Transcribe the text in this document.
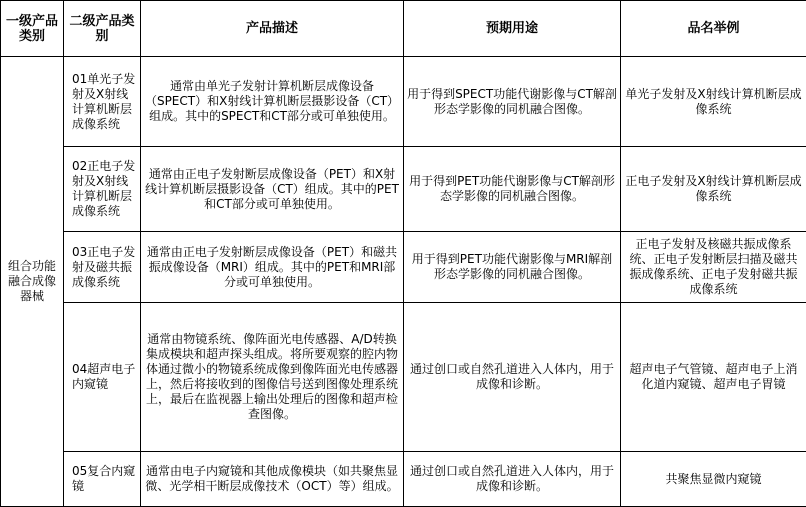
一级产品类别	二级产品类别	产品描述	预期用途	品名举例
组合功能融合成像器械	01单光子发射及X射线计算机断层成像系统	通常由单光子发射计算机断层成像设备（SPECT）和X射线计算机断层摄影设备（CT）组成。其中的SPECT和CT部分或可单独使用。	用于得到SPECT功能代谢影像与CT解剖形态学影像的同机融合图像。	单光子发射及X射线计算机断层成像系统
	02正电子发射及X射线计算机断层成像系统	通常由正电子发射断层成像设备（PET）和X射线计算机断层摄影设备（CT）组成。其中的PET和CT部分或可单独使用。	用于得到PET功能代谢影像与CT解剖形态学影像的同机融合图像。	正电子发射及X射线计算机断层成像系统
	03正电子发射及磁共振成像系统	通常由正电子发射断层成像设备（PET）和磁共振成像设备（MRI）组成。其中的PET和MRI部分或可单独使用。	用于得到PET功能代谢影像与MRI解剖形态学影像的同机融合图像。	正电子发射及核磁共振成像系统、正电子发射断层扫描及磁共振成像系统、正电子发射磁共振成像系统
	04超声电子内窥镜	通常由物镜系统、像阵面光电传感器、A/D转换集成模块和超声探头组成。将所要观察的腔内物体通过微小的物镜系统成像到像阵面光电传感器上，然后将接收到的图像信号送到图像处理系统上，最后在监视器上输出处理后的图像和超声检查图像。	通过创口或自然孔道进入人体内，用于成像和诊断。	超声电子气管镜、超声电子上消化道内窥镜、超声电子胃镜
	05复合内窥镜	通常由电子内窥镜和其他成像模块（如共聚焦显微、光学相干断层成像技术（OCT）等）组成。	通过创口或自然孔道进入人体内，用于成像和诊断。	共聚焦显微内窥镜
